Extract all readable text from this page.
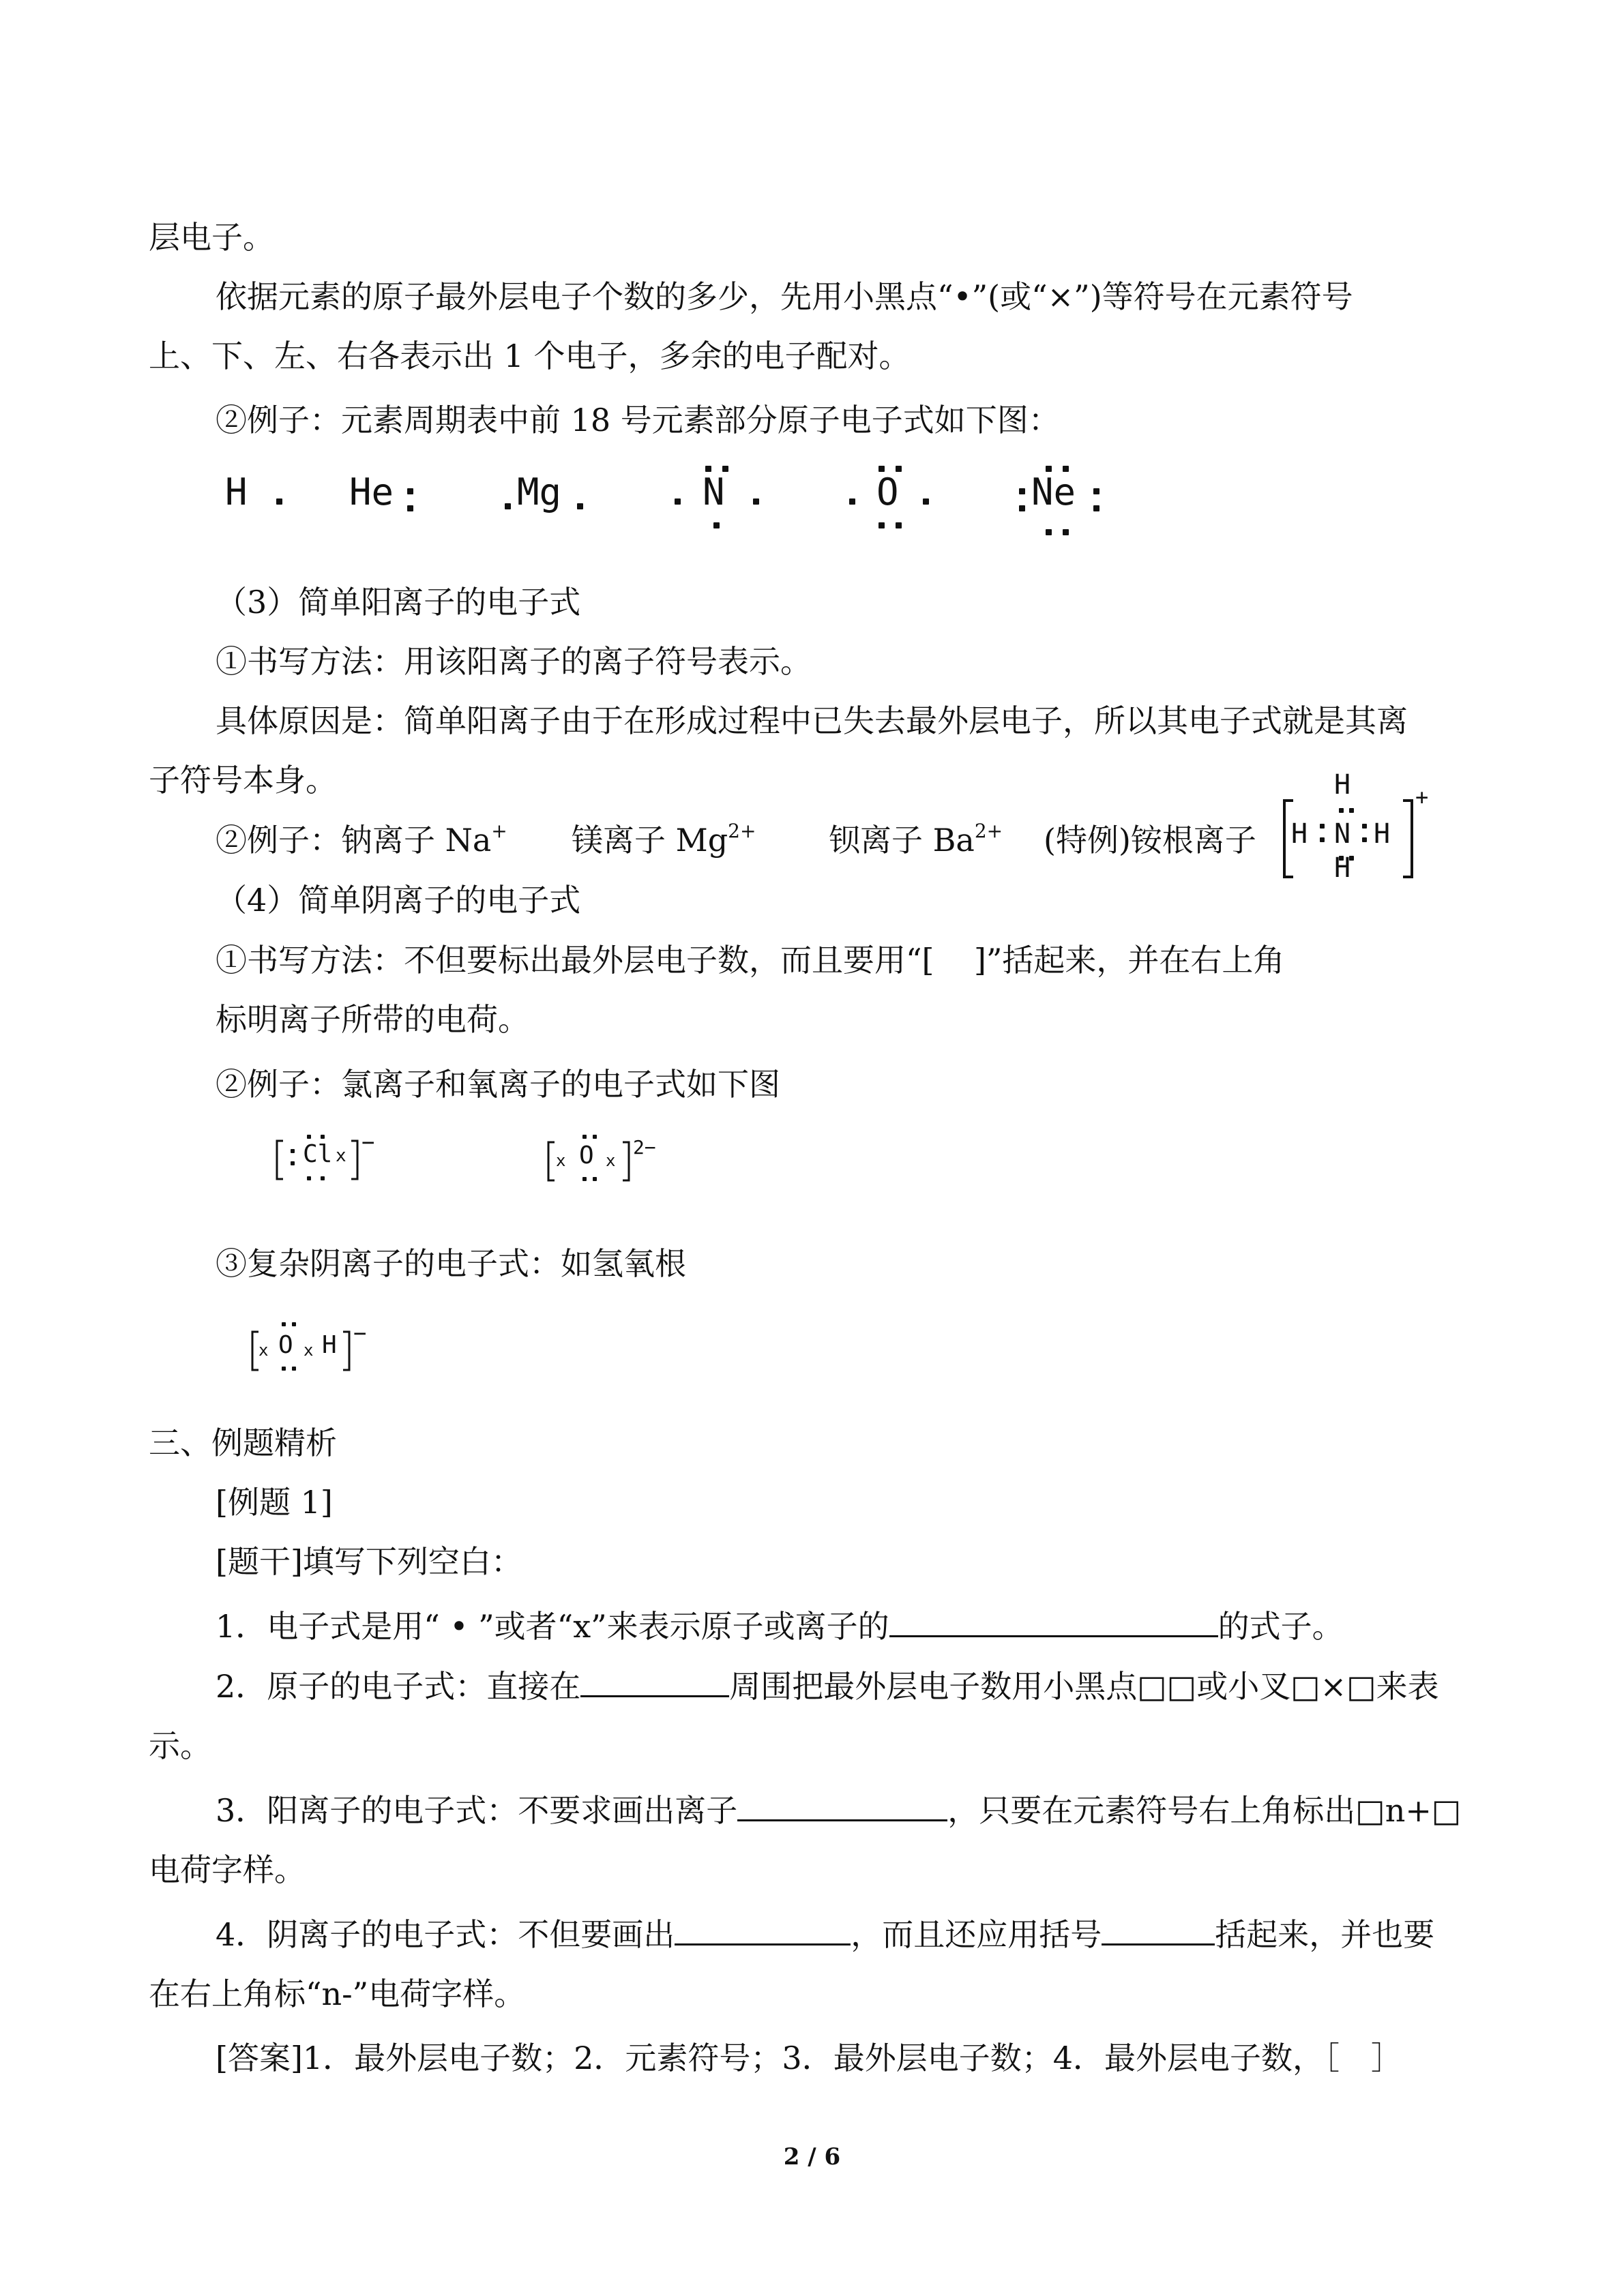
层电子。
依据元素的原子最外层电子个数的多少，先用小黑点“•”(或“×”)等符号在元素符号
上、下、左、右各表示出 1 个电子，多余的电子配对。
②例子：元素周期表中前 18 号元素部分原子电子式如下图：
H	He	Mg	N	O	Ne
（3）简单阳离子的电子式
①书写方法：用该阳离子的离子符号表示。
具体原因是：简单阳离子由于在形成过程中已失去最外层电子，所以其电子式就是其离
子符号本身。
②例子：钠离子 Na+ 镁离子 $Mg^{2+}$ 钡离子 $Ba^{2+}$ (特例)铵根离子
H
H N H
H
+
（4）简单阴离子的电子式
①书写方法：不但要标出最外层电子数，而且要用“[    ]”括起来，并在右上角
标明离子所带的电荷。
②例子：氯离子和氧离子的电子式如下图
Cl x
−
x O x
2−
③复杂阴离子的电子式：如氢氧根
x O x H −
三、例题精析
[例题 1]
[题干]填写下列空白：
1．电子式是用“ • ”或者“x”来表示原子或离子的	的式子。
2．原子的电子式：直接在	周围把最外层电子数用小黑点□□或小叉□×□来表
示。
3．阳离子的电子式：不要求画出离子	，只要在元素符号右上角标出□n+□
电荷字样。
4．阴离子的电子式：不但要画出	，而且还应用括号	括起来，并也要
在右上角标“n-”电荷字样。
[答案]1．最外层电子数；2．元素符号；3．最外层电子数；4．最外层电子数，［　］
2 / 6
